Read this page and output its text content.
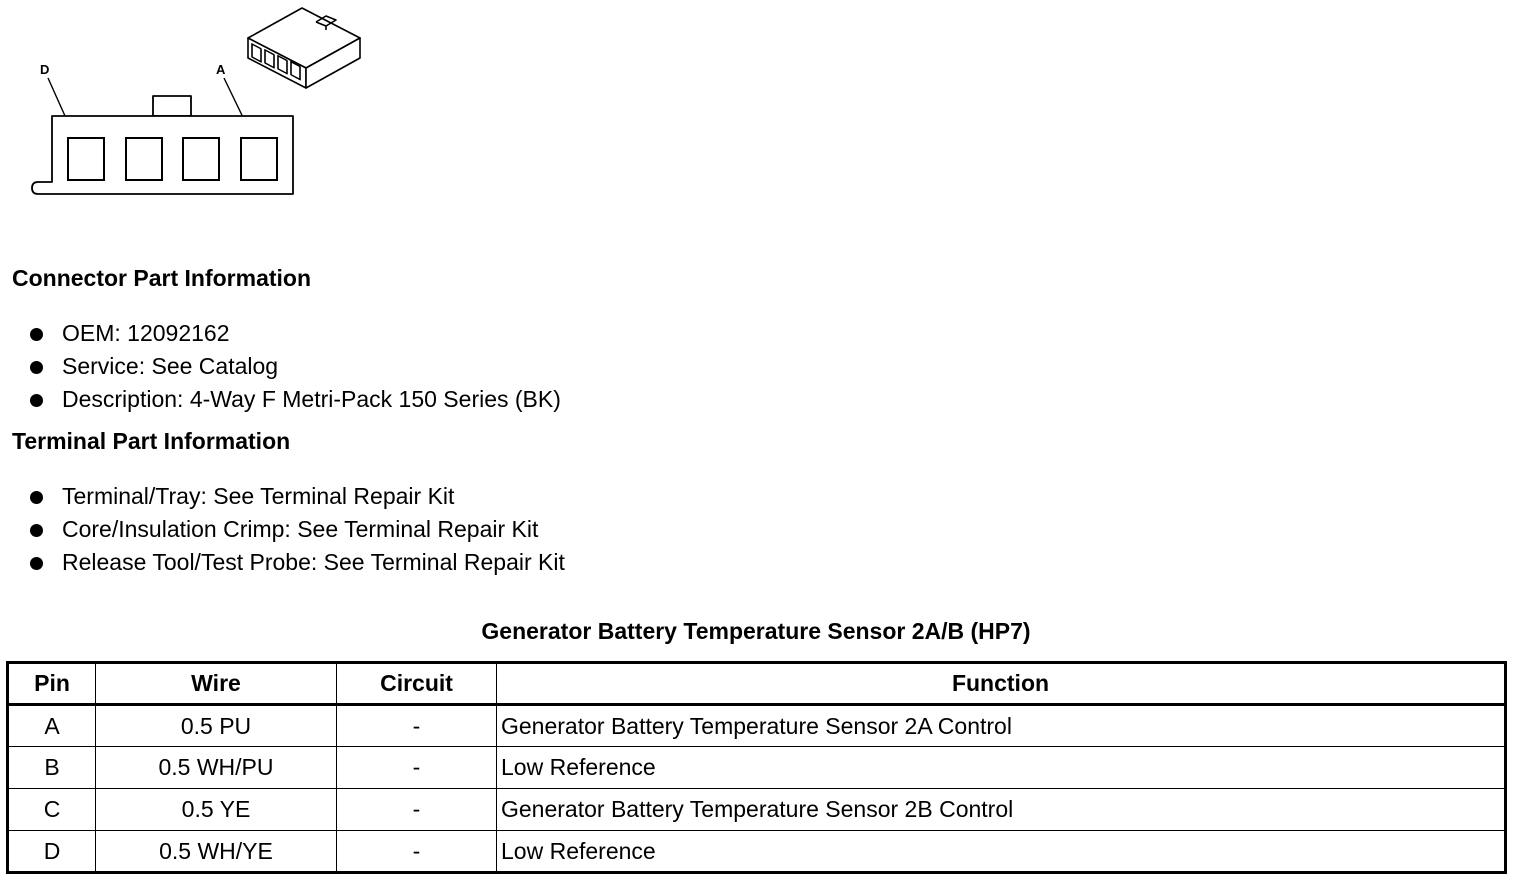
D	A
Connector Part Information
OEM: 12092162
Service: See Catalog
Description: 4-Way F Metri-Pack 150 Series (BK)
Terminal Part Information
Terminal/Tray: See Terminal Repair Kit
Core/Insulation Crimp: See Terminal Repair Kit
Release Tool/Test Probe: See Terminal Repair Kit
Generator Battery Temperature Sensor 2A/B (HP7)
Pin	Wire	Circuit	Function
A	0.5 PU	-	Generator Battery Temperature Sensor 2A Control
B	0.5 WH/PU	-	Low Reference
C	0.5 YE	-	Generator Battery Temperature Sensor 2B Control
D	0.5 WH/YE	-	Low Reference
